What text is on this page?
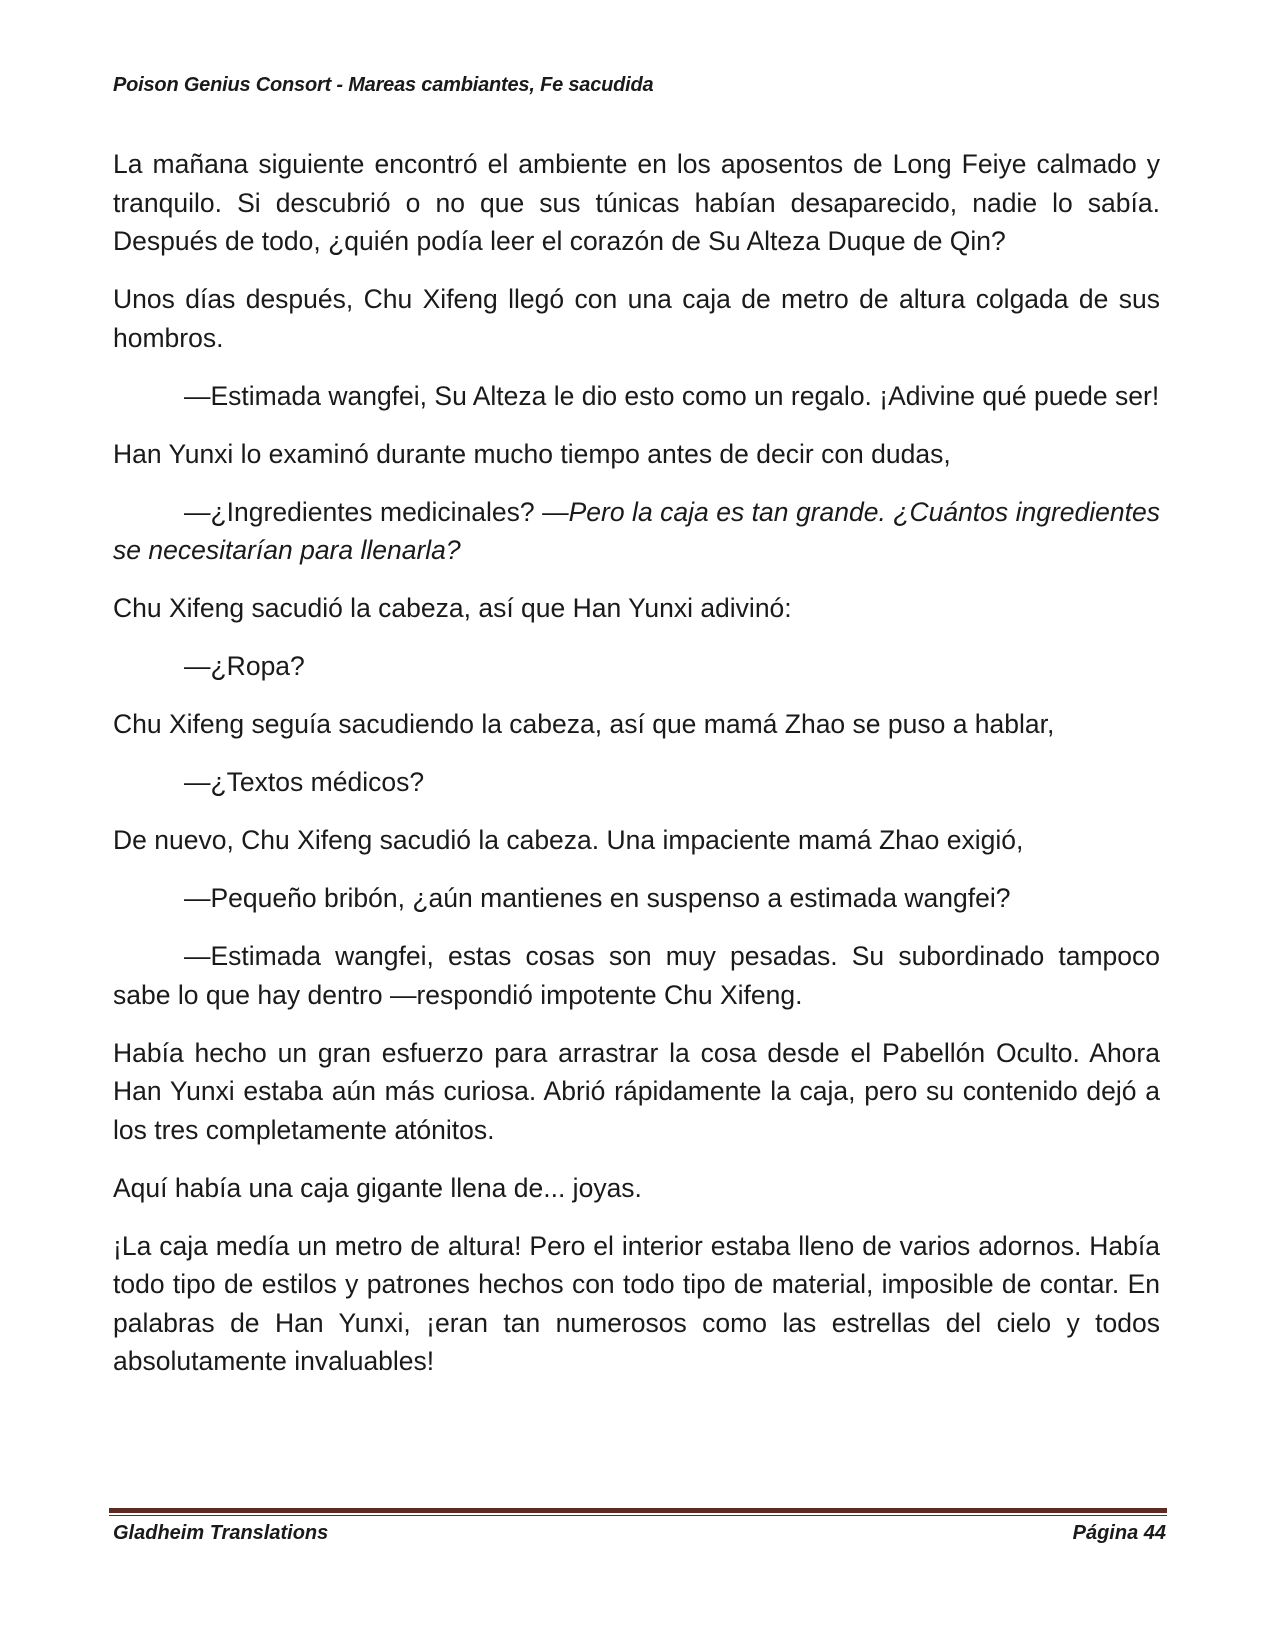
Poison Genius Consort - Mareas cambiantes, Fe sacudida

La mañana siguiente encontró el ambiente en los aposentos de Long Feiye calmado y tranquilo. Si descubrió o no que sus túnicas habían desaparecido, nadie lo sabía. Después de todo, ¿quién podía leer el corazón de Su Alteza Duque de Qin?

Unos días después, Chu Xifeng llegó con una caja de metro de altura colgada de sus hombros.

—Estimada wangfei, Su Alteza le dio esto como un regalo. ¡Adivine qué puede ser!

Han Yunxi lo examinó durante mucho tiempo antes de decir con dudas,

—¿Ingredientes medicinales? —Pero la caja es tan grande. ¿Cuántos ingredientes se necesitarían para llenarla?

Chu Xifeng sacudió la cabeza, así que Han Yunxi adivinó:

—¿Ropa?

Chu Xifeng seguía sacudiendo la cabeza, así que mamá Zhao se puso a hablar,

—¿Textos médicos?

De nuevo, Chu Xifeng sacudió la cabeza. Una impaciente mamá Zhao exigió,

—Pequeño bribón, ¿aún mantienes en suspenso a estimada wangfei?

—Estimada wangfei, estas cosas son muy pesadas. Su subordinado tampoco sabe lo que hay dentro —respondió impotente Chu Xifeng.

Había hecho un gran esfuerzo para arrastrar la cosa desde el Pabellón Oculto. Ahora Han Yunxi estaba aún más curiosa. Abrió rápidamente la caja, pero su contenido dejó a los tres completamente atónitos.

Aquí había una caja gigante llena de... joyas.

¡La caja medía un metro de altura! Pero el interior estaba lleno de varios adornos. Había todo tipo de estilos y patrones hechos con todo tipo de material, imposible de contar. En palabras de Han Yunxi, ¡eran tan numerosos como las estrellas del cielo y todos absolutamente invaluables!

Gladheim Translations	Página 44
